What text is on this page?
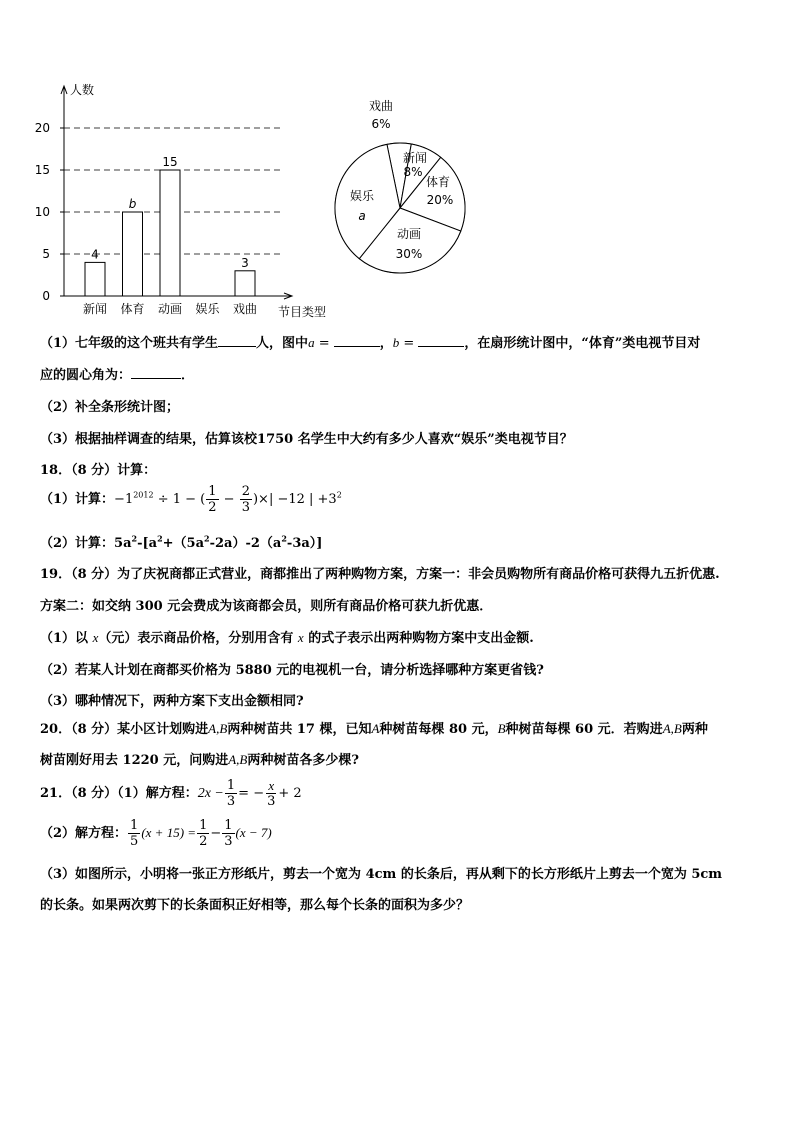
人数
节目类型
0
5
10
15
20
新闻
4
体育
b
动画
15
娱乐 戏曲
3
戏曲
6%
新闻
8%
体育
20%
动画
30%
娱乐
a
（1）七年级的这个班共有学生	人，图中a =	，b =	，在扇形统计图中，“体育”类电视节目对
应的圆心角为：	．
（2）补全条形统计图；
（3）根据抽样调查的结果，估算该校1750 名学生中大约有多少人喜欢“娱乐”类电视节目？
18．（8 分）计算：
（1）计算：$-1^{2012} \div 1$ − ( $\frac{1}{2} - \frac{2}{3}$ )×| −12 | $+3^2$
（2）计算：$5a^2-[a^2+(5a^2-2a)-2(a^2-3a)]$
19．（8 分）为了庆祝商都正式营业，商都推出了两种购物方案，方案一：非会员购物所有商品价格可获得九五折优惠.
方案二：如交纳 300 元会费成为该商都会员，则所有商品价格可获九折优惠．
（1）以 x（元）表示商品价格，分别用含有 x 的式子表示出两种购物方案中支出金额.
（2）若某人计划在商都买价格为 5880 元的电视机一台，请分析选择哪种方案更省钱?
（3）哪种情况下，两种方案下支出金额相同?
20．（8 分）某小区计划购进A,B两种树苗共 17 棵，已知A种树苗每棵 80 元，B种树苗每棵 60 元．若购进A,B两种
树苗刚好用去 1220 元，问购进A,B两种树苗各多少棵?
21．（8 分）（1）解方程：$2x - \frac{1}{3}$ = − $\frac{x}{3} + 2$
（2）解方程： $\frac{1}{5} (x + 15) = \frac{1}{2} - \frac{1}{3} (x - 7)$
（3）如图所示，小明将一张正方形纸片，剪去一个宽为 4cm 的长条后，再从剩下的长方形纸片上剪去一个宽为 5cm
的长条。如果两次剪下的长条面积正好相等，那么每个长条的面积为多少？
